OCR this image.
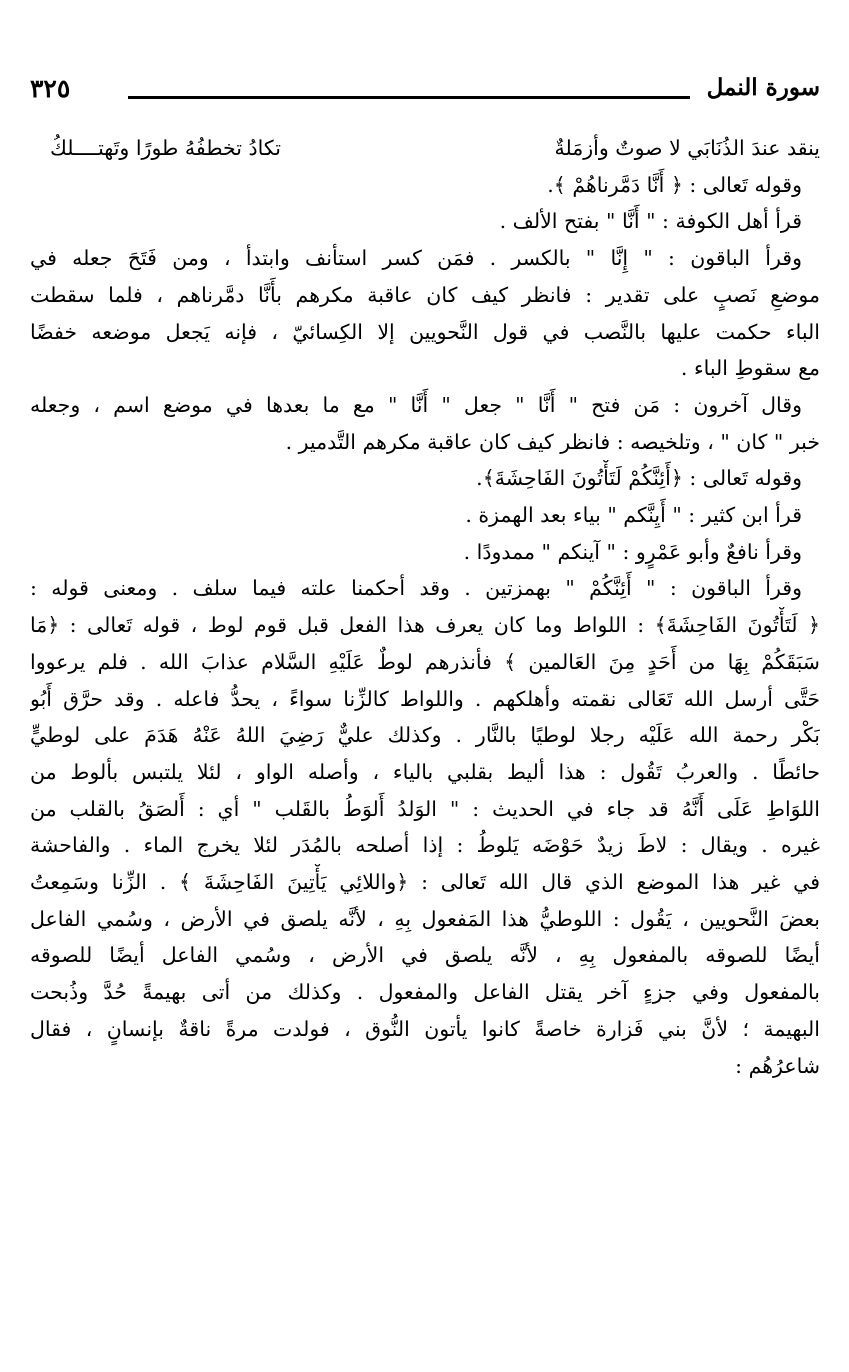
سورة النمل
٣٢٥
ينقد عندَ الذُنَابَي لا صوتٌ وأزمَلةٌ
تكادُ تخطفُهُ طورًا وتَهتــــلكُ
وقوله تَعالى : ﴿ أَنَّا دَمَّرناهُمْ ﴾.
قرأ أهل الكوفة : " أَنَّا " بفتح الألف .
وقرأ الباقون : " إِنَّا " بالكسر . فمَن كسر استأنف وابتدأ ، ومن فَتَحَ جعله في
موضعِ نَصبٍ على تقدير : فانظر كيف كان عاقبة مكرهم بأَنَّا دمَّرناهم ، فلما سقطت
الباء حكمت عليها بالنَّصب في قول النَّحويين إلا الكِسائيّ ، فإنه يَجعل موضعه خفضًا
مع سقوطِ الباء .
وقال آخرون : مَن فتح " أَنَّا " جعل " أَنَّا " مع ما بعدها في موضع اسم ، وجعله
خبر " كان " ، وتلخيصه : فانظر كيف كان عاقبة مكرهم التَّدمير .
وقوله تَعالى : ﴿أَئِنَّكُمْ لَتَأْتُونَ الفَاحِشَةَ﴾.
قرأ ابن كثير : " أَيِنَّكم " بياء بعد الهمزة .
وقرأ نافعٌ وأبو عَمْرٍو : " آينكم " ممدودًا .
وقرأ الباقون : " أَئِنَّكُمْ " بهمزتين . وقد أحكمنا علته فيما سلف . ومعنى قوله :
﴿ لَتَأْتُونَ الفَاحِشَةَ﴾ : اللواط وما كان يعرف هذا الفعل قبل قوم لوط ، قوله تَعالى : ﴿مَا
سَبَقَكُمْ بِهَا من أَحَدٍ مِنَ العَالمين ﴾ فأنذرهم لوطٌ عَلَيْهِ السَّلام عذابَ الله . فلم يرعووا
حَتَّى أرسل الله تَعَالى نقمته وأهلكهم . واللواط كالزِّنا سواءً ، يحدُّ فاعله . وقد حرَّق أَبُو
بَكْر رحمة الله عَلَيْه رجلا لوطيًا بالنَّار . وكذلك عليٌّ رَضِيَ اللهُ عَنْهُ هَدَمَ على لوطيٍّ
حائطًا . والعربُ تَقُول : هذا أليط بقلبي بالياء ، وأصله الواو ، لئلا يلتبس بألوط من
اللوَاطِ عَلَى أَنَّهُ قد جاء في الحديث : " الوَلدُ أَلوَطُ بالقَلب " أي : أَلصَقُ بالقلب من
غيره . ويقال : لاطَ زيدٌ حَوْضَه يَلوطُ : إذا أصلحه بالمُدَر لئلا يخرج الماء . والفاحشة
في غير هذا الموضع الذي قال الله تَعالى : ﴿واللائِي يَأْتِينَ الفَاحِشَةَ ﴾ . الزِّنا وسَمِعتُ
بعضَ النَّحويين ، يَقُول : اللوطيُّ هذا المَفعول بِهِ ، لأنَّه يلصق في الأرض ، وسُمي الفاعل
أيضًا للصوقه بالمفعول بِهِ ، لأنَّه يلصق في الأرض ، وسُمي الفاعل أيضًا للصوقه
بالمفعول وفي جزءٍ آخر يقتل الفاعل والمفعول . وكذلك من أتى بهيمةً حُدَّ وذُبحت
البهيمة ؛ لأنَّ بني فَزارة خاصةً كانوا يأتون النُّوق ، فولدت مرةً ناقةٌ بإنسانٍ ، فقال
شاعرُهُم :
